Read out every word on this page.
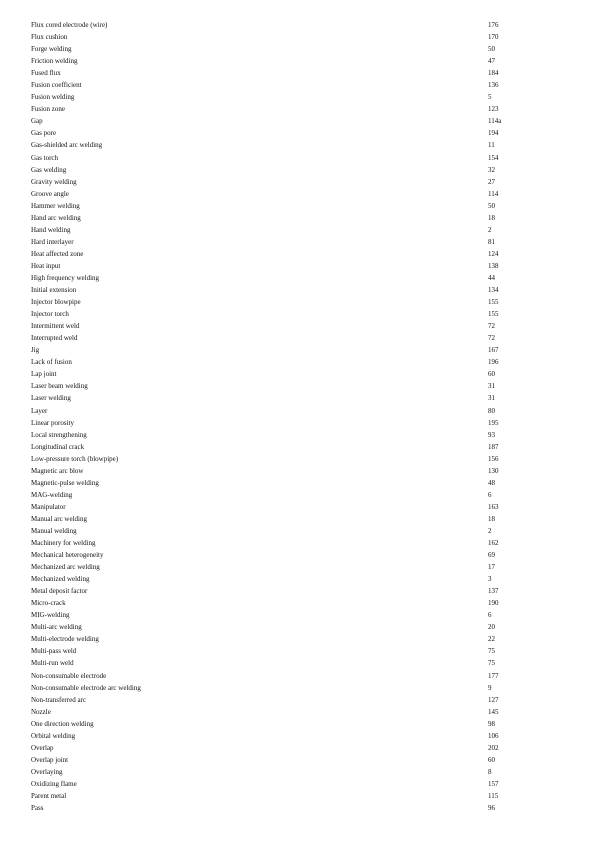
Flux cored electrode (wire)	176
Flux cushion	170
Forge welding	50
Friction welding	47
Fused flux	184
Fusion coefficient	136
Fusion welding	5
Fusion zone	123
Gap	114a
Gas pore	194
Gas-shielded arc welding	11
Gas torch	154
Gas welding	32
Gravity welding	27
Groove angle	114
Hammer welding	50
Hand arc welding	18
Hand welding	2
Hard interlayer	81
Heat affected zone	124
Heat input	138
High frequency welding	44
Initial extension	134
Injector blowpipe	155
Injector torch	155
Intermittent weld	72
Interrupted weld	72
Jig	167
Lack of fusion	196
Lap joint	60
Laser beam welding	31
Laser welding	31
Layer	80
Linear porosity	195
Local strengthening	93
Longitudinal crack	187
Low-pressure torch (blowpipe)	156
Magnetic arc blow	130
Magnetic-pulse welding	48
MAG-welding	6
Manipulator	163
Manual arc welding	18
Manual welding	2
Machinery for welding	162
Mechanical heterogeneity	69
Mechanized arc welding	17
Mechanized welding	3
Metal deposit factor	137
Micro-crack	190
MIG-welding	6
Multi-arc welding	20
Multi-electrode welding	22
Multi-pass weld	75
Multi-run weld	75
Non-consumable electrode	177
Non-consumable electrode arc welding	9
Non-transferred arc	127
Nozzle	145
One direction welding	98
Orbital welding	106
Overlap	202
Overlap joint	60
Overlaying	8
Oxidizing flame	157
Parent metal	115
Pass	96
